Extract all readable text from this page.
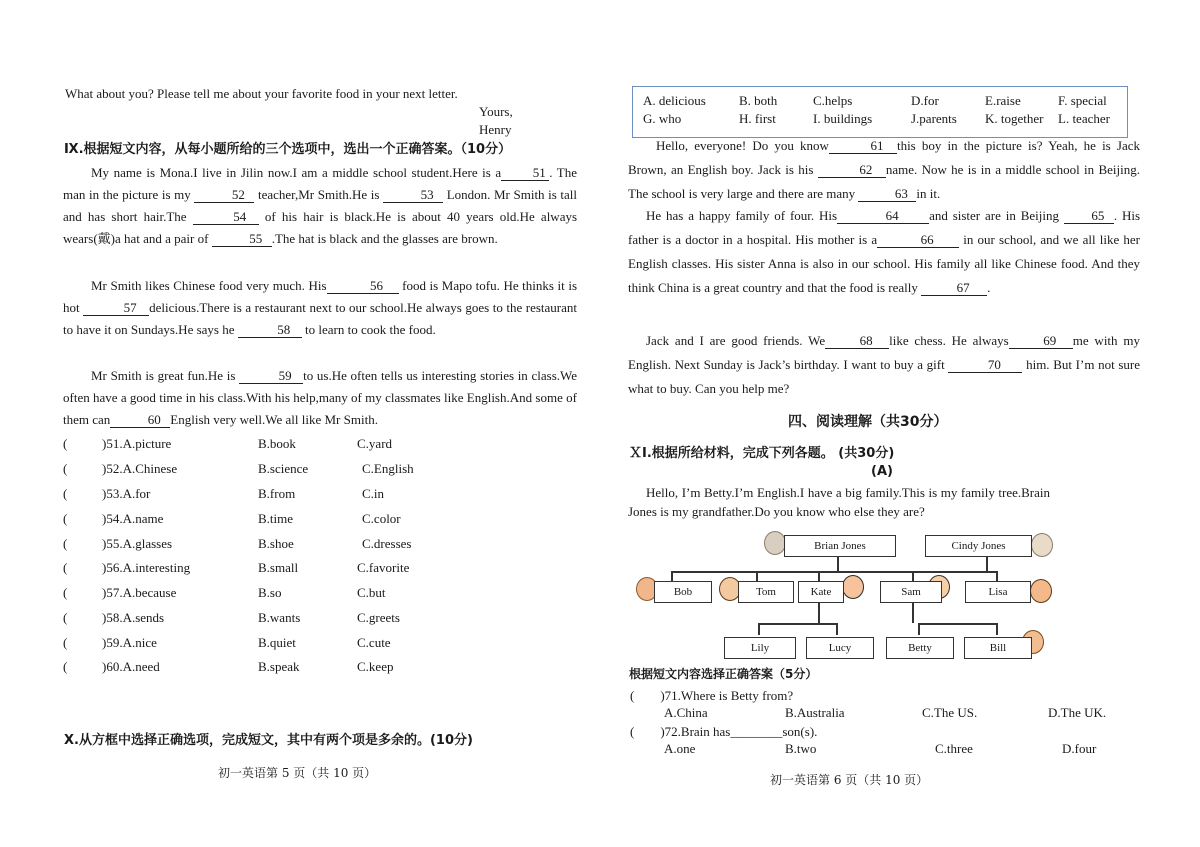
What about you? Please tell me about your favorite food in your next letter.
Yours,
Henry
Ⅸ.根据短文内容，从每小题所给的三个选项中，选出一个正确答案。（10分）
My name is Mona.I live in Jilin now.I am a middle school student.Here is a 51 . The man in the picture is my	52 teacher,Mr Smith.He is	53 London. Mr Smith is tall and has short hair.The	54 of his hair is black.He is about 40 years old.He always wears(戴)a hat and a pair of	55 .The hat is black and the glasses are brown.
Mr Smith likes Chinese food very much. His	56 food is Mapo tofu. He thinks it is hot	57 delicious.There is a restaurant next to our school.He always goes to the restaurant to have it on Sundays.He says he	58 to learn to cook the food.
Mr Smith is great fun.He is	59 to us.He often tells us interesting stories in class.We often have a good time in his class.With his help,many of my classmates like English.And some of them can	60 English very well.We all like Mr Smith.
(	)51.A.picture	B.book	C.yard
(	)52.A.Chinese	B.science	C.English
(	)53.A.for	B.from	C.in
(	)54.A.name	B.time	C.color
(	)55.A.glasses	B.shoe	C.dresses
(	)56.A.interesting	B.small	C.favorite
(	)57.A.because	B.so	C.but
(	)58.A.sends	B.wants	C.greets
(	)59.A.nice	B.quiet	C.cute
(	)60.A.need	B.speak	C.keep
Ⅹ.从方框中选择正确选项，完成短文，其中有两个项是多余的。(10分)
初一英语第 5 页（共 10 页）
A. delicious	B. both	C.helps	D.for	E.raise	F. special
G. who	H. first	I. buildings	J.parents K. together L. teacher
Hello, everyone! Do you know	61 this boy in the picture is? Yeah, he is Jack Brown, an English boy. Jack is his	62 name. Now he is in a middle school in Beijing. The school is very large and there are many	63 in it.
He has a happy family of four. His	64 and sister are in Beijing 65 . His father is a doctor in a hospital. His mother is a	66 in our school, and we all like her English classes. His sister Anna is also in our school. His family all like Chinese food. And they think China is a great country and that the food is really	67 .
Jack and I are good friends. We	68 like chess. He always	69 me with my English. Next Sunday is Jack’s birthday. I want to buy a gift	70 him. But I’m not sure what to buy. Can you help me?
四、阅读理解（共30分）
ＸⅠ.根据所给材料，完成下列各题。 (共30分)
(A)
Hello, I’m Betty.I’m English.I have a big family.This is my family tree.Brain Jones is my grandfather.Do you know who else they are?
Brian Jones	Cindy Jones
Bob	Tom	Kate	Sam	Lisa
Lily	Lucy	Betty	Bill
根据短文内容选择正确答案（5分）
(　　)71.Where is Betty from?
A.China	B.Australia	C.The US.	D.The UK.
(　　)72.Brain has________son(s).
A.one	B.two	C.three	D.four
初一英语第 6 页（共 10 页）
